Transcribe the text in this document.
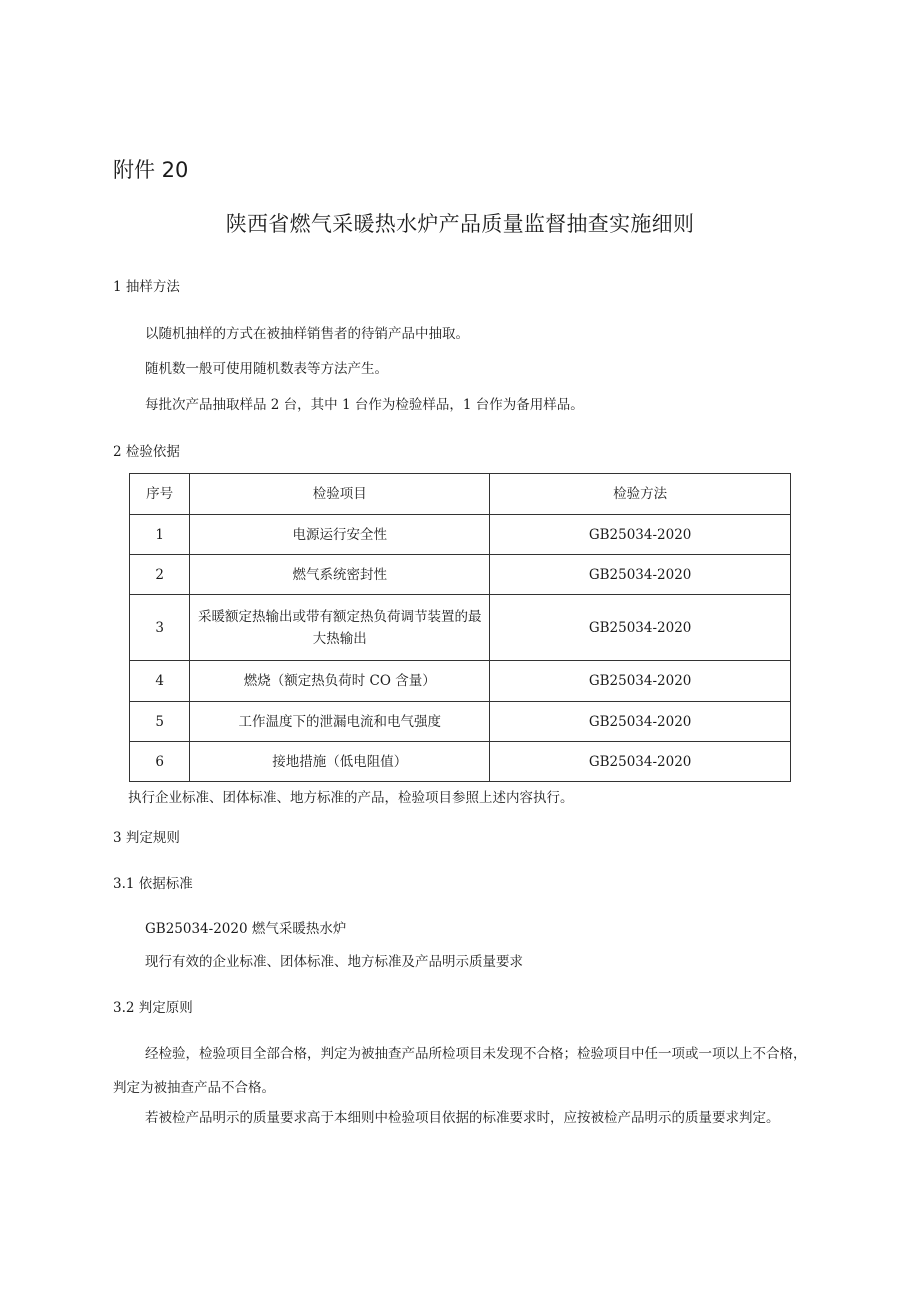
附件 20
陕西省燃气采暖热水炉产品质量监督抽查实施细则
1 抽样方法
以随机抽样的方式在被抽样销售者的待销产品中抽取。
随机数一般可使用随机数表等方法产生。
每批次产品抽取样品 2 台，其中 1 台作为检验样品，1 台作为备用样品。
2 检验依据
序号	检验项目	检验方法
1	电源运行安全性	GB25034-2020
2	燃气系统密封性	GB25034-2020
3	采暖额定热输出或带有额定热负荷调节装置的最大热输出	GB25034-2020
4	燃烧（额定热负荷时 CO 含量）	GB25034-2020
5	工作温度下的泄漏电流和电气强度	GB25034-2020
6	接地措施（低电阻值）	GB25034-2020
执行企业标准、团体标准、地方标准的产品，检验项目参照上述内容执行。
3 判定规则
3.1 依据标准
GB25034-2020 燃气采暖热水炉
现行有效的企业标准、团体标准、地方标准及产品明示质量要求
3.2 判定原则
经检验，检验项目全部合格，判定为被抽查产品所检项目未发现不合格；检验项目中任一项或一项以上不合格，判定为被抽查产品不合格。
若被检产品明示的质量要求高于本细则中检验项目依据的标准要求时，应按被检产品明示的质量要求判定。
